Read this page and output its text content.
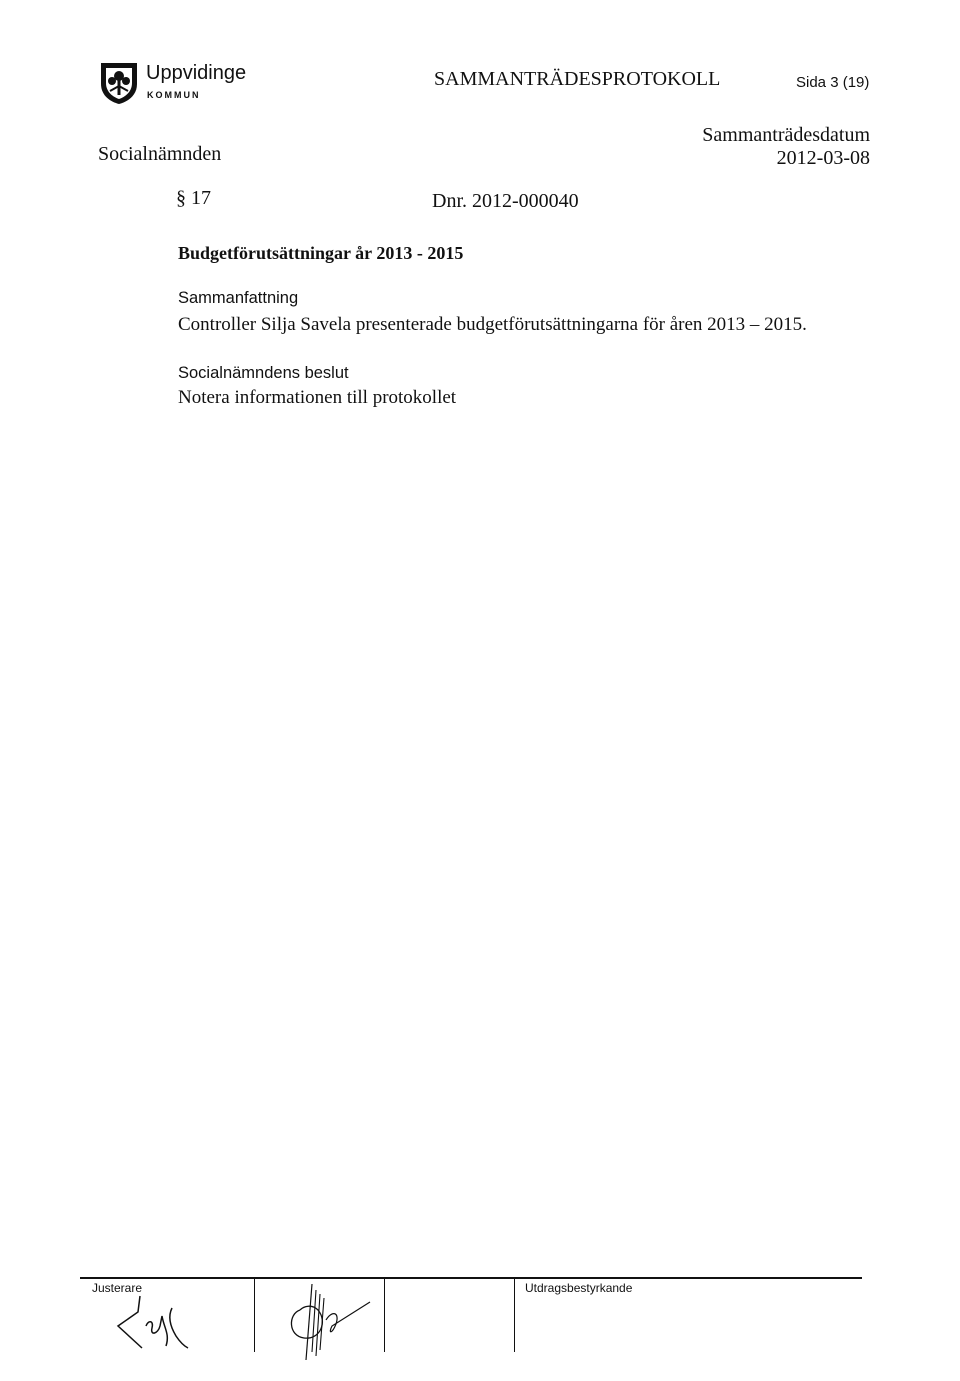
Uppvidinge
KOMMUN
SAMMANTRÄDESPROTOKOLL	Sida 3 (19)
Socialnämnden
Sammanträdesdatum
2012-03-08
§ 17	Dnr. 2012-000040
Budgetförutsättningar år 2013 - 2015
Sammanfattning
Controller Silja Savela presenterade budgetförutsättningarna för åren 2013 – 2015.
Socialnämndens beslut
Notera informationen till protokollet
Justerare	Utdragsbestyrkande
